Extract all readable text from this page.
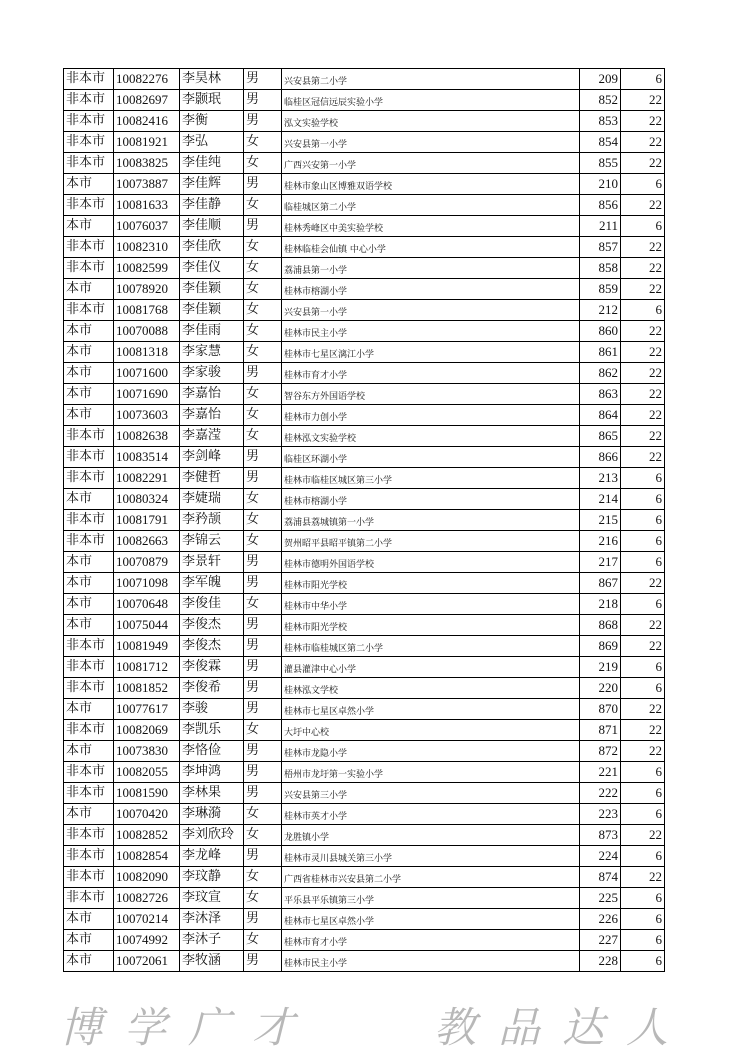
非本市	10082276	李昊林	男	兴安县第二小学	209	6
非本市	10082697	李颢珉	男	临桂区冠信远辰实验小学	852	22
非本市	10082416	李衡	男	泓文实验学校	853	22
非本市	10081921	李弘	女	兴安县第一小学	854	22
非本市	10083825	李佳纯	女	广西兴安第一小学	855	22
本市	10073887	李佳辉	男	桂林市象山区博雅双语学校	210	6
非本市	10081633	李佳静	女	临桂城区第二小学	856	22
本市	10076037	李佳顺	男	桂林秀峰区中美实验学校	211	6
非本市	10082310	李佳欣	女	桂林临桂会仙镇 中心小学	857	22
非本市	10082599	李佳仪	女	荔浦县第一小学	858	22
本市	10078920	李佳颖	女	桂林市榕湖小学	859	22
非本市	10081768	李佳颖	女	兴安县第一小学	212	6
本市	10070088	李佳雨	女	桂林市民主小学	860	22
本市	10081318	李家慧	女	桂林市七星区漓江小学	861	22
本市	10071600	李家骏	男	桂林市育才小学	862	22
本市	10071690	李嘉怡	女	智谷东方外国语学校	863	22
本市	10073603	李嘉怡	女	桂林市力创小学	864	22
非本市	10082638	李嘉滢	女	桂林泓文实验学校	865	22
非本市	10083514	李剑峰	男	临桂区环湖小学	866	22
非本市	10082291	李健哲	男	桂林市临桂区城区第三小学	213	6
本市	10080324	李婕瑞	女	桂林市榕湖小学	214	6
非本市	10081791	李矜颉	女	荔浦县荔城镇第一小学	215	6
非本市	10082663	李锦云	女	贺州昭平县昭平镇第二小学	216	6
本市	10070879	李景轩	男	桂林市德明外国语学校	217	6
本市	10071098	李军魄	男	桂林市阳光学校	867	22
本市	10070648	李俊佳	女	桂林市中华小学	218	6
本市	10075044	李俊杰	男	桂林市阳光学校	868	22
非本市	10081949	李俊杰	男	桂林市临桂城区第二小学	869	22
非本市	10081712	李俊霖	男	灌县灌津中心小学	219	6
非本市	10081852	李俊希	男	桂林泓文学校	220	6
本市	10077617	李骏	男	桂林市七星区卓然小学	870	22
非本市	10082069	李凯乐	女	大圩中心校	871	22
本市	10073830	李恪俭	男	桂林市龙隐小学	872	22
非本市	10082055	李坤鸿	男	梧州市龙圩第一实验小学	221	6
非本市	10081590	李林果	男	兴安县第三小学	222	6
本市	10070420	李琳漪	女	桂林市英才小学	223	6
非本市	10082852	李刘欣玲	女	龙胜镇小学	873	22
非本市	10082854	李龙峰	男	桂林市灵川县城关第三小学	224	6
非本市	10082090	李玟静	女	广西省桂林市兴安县第二小学	874	22
非本市	10082726	李玟宣	女	平乐县平乐镇第三小学	225	6
本市	10070214	李沐泽	男	桂林市七星区卓然小学	226	6
本市	10074992	李沐子	女	桂林市育才小学	227	6
本市	10072061	李牧涵	男	桂林市民主小学	228	6
博学广才	教品达人
